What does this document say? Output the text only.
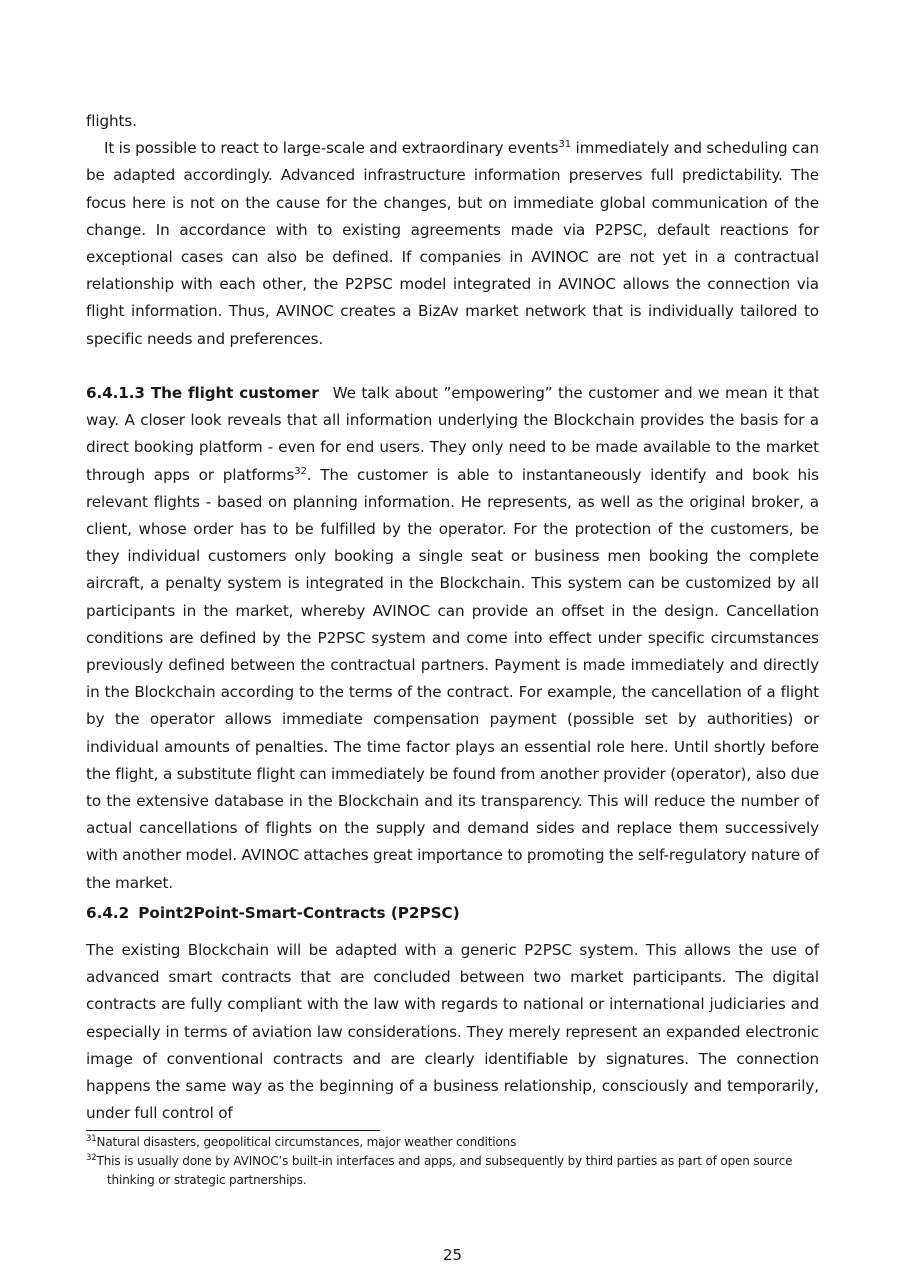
flights.

It is possible to react to large-scale and extraordinary events$^{31}$ immediately and scheduling can be adapted accordingly. Advanced infrastructure information preserves full predictability. The focus here is not on the cause for the changes, but on immediate global communication of the change. In accordance with to existing agreements made via P2PSC, default reactions for exceptional cases can also be defined. If companies in AVINOC are not yet in a contractual relationship with each other, the P2PSC model integrated in AVINOC allows the connection via flight information. Thus, AVINOC creates a BizAv market network that is individually tailored to specific needs and preferences.

6.4.1.3 The flight customer We talk about ”empowering” the customer and we mean it that way. A closer look reveals that all information underlying the Blockchain provides the basis for a direct booking platform - even for end users. They only need to be made available to the market through apps or platforms$^{32}$. The customer is able to instantaneously identify and book his relevant flights - based on planning information. He represents, as well as the original broker, a client, whose order has to be fulfilled by the operator. For the protection of the customers, be they individual customers only booking a single seat or business men booking the complete aircraft, a penalty system is integrated in the Blockchain. This system can be customized by all participants in the market, whereby AVINOC can provide an offset in the design. Cancellation conditions are defined by the P2PSC system and come into effect under specific circumstances previously defined between the contractual partners. Payment is made immediately and directly in the Blockchain according to the terms of the contract. For example, the cancellation of a flight by the operator allows immediate compensation payment (possible set by authorities) or individual amounts of penalties. The time factor plays an essential role here. Until shortly before the flight, a substitute flight can immediately be found from another provider (operator), also due to the extensive database in the Blockchain and its transparency. This will reduce the number of actual cancellations of flights on the supply and demand sides and replace them successively with another model. AVINOC attaches great importance to promoting the self-regulatory nature of the market.

6.4.2 Point2Point-Smart-Contracts (P2PSC)

The existing Blockchain will be adapted with a generic P2PSC system. This allows the use of advanced smart contracts that are concluded between two market participants. The digital contracts are fully compliant with the law with regards to national or international judiciaries and especially in terms of aviation law considerations. They merely represent an expanded electronic image of conventional contracts and are clearly identifiable by signatures. The connection happens the same way as the beginning of a business relationship, consciously and temporarily, under full control of

$^{31}$Natural disasters, geopolitical circumstances, major weather conditions

$^{32}$This is usually done by AVINOC’s built-in interfaces and apps, and subsequently by third parties as part of open source thinking or strategic partnerships.

25
